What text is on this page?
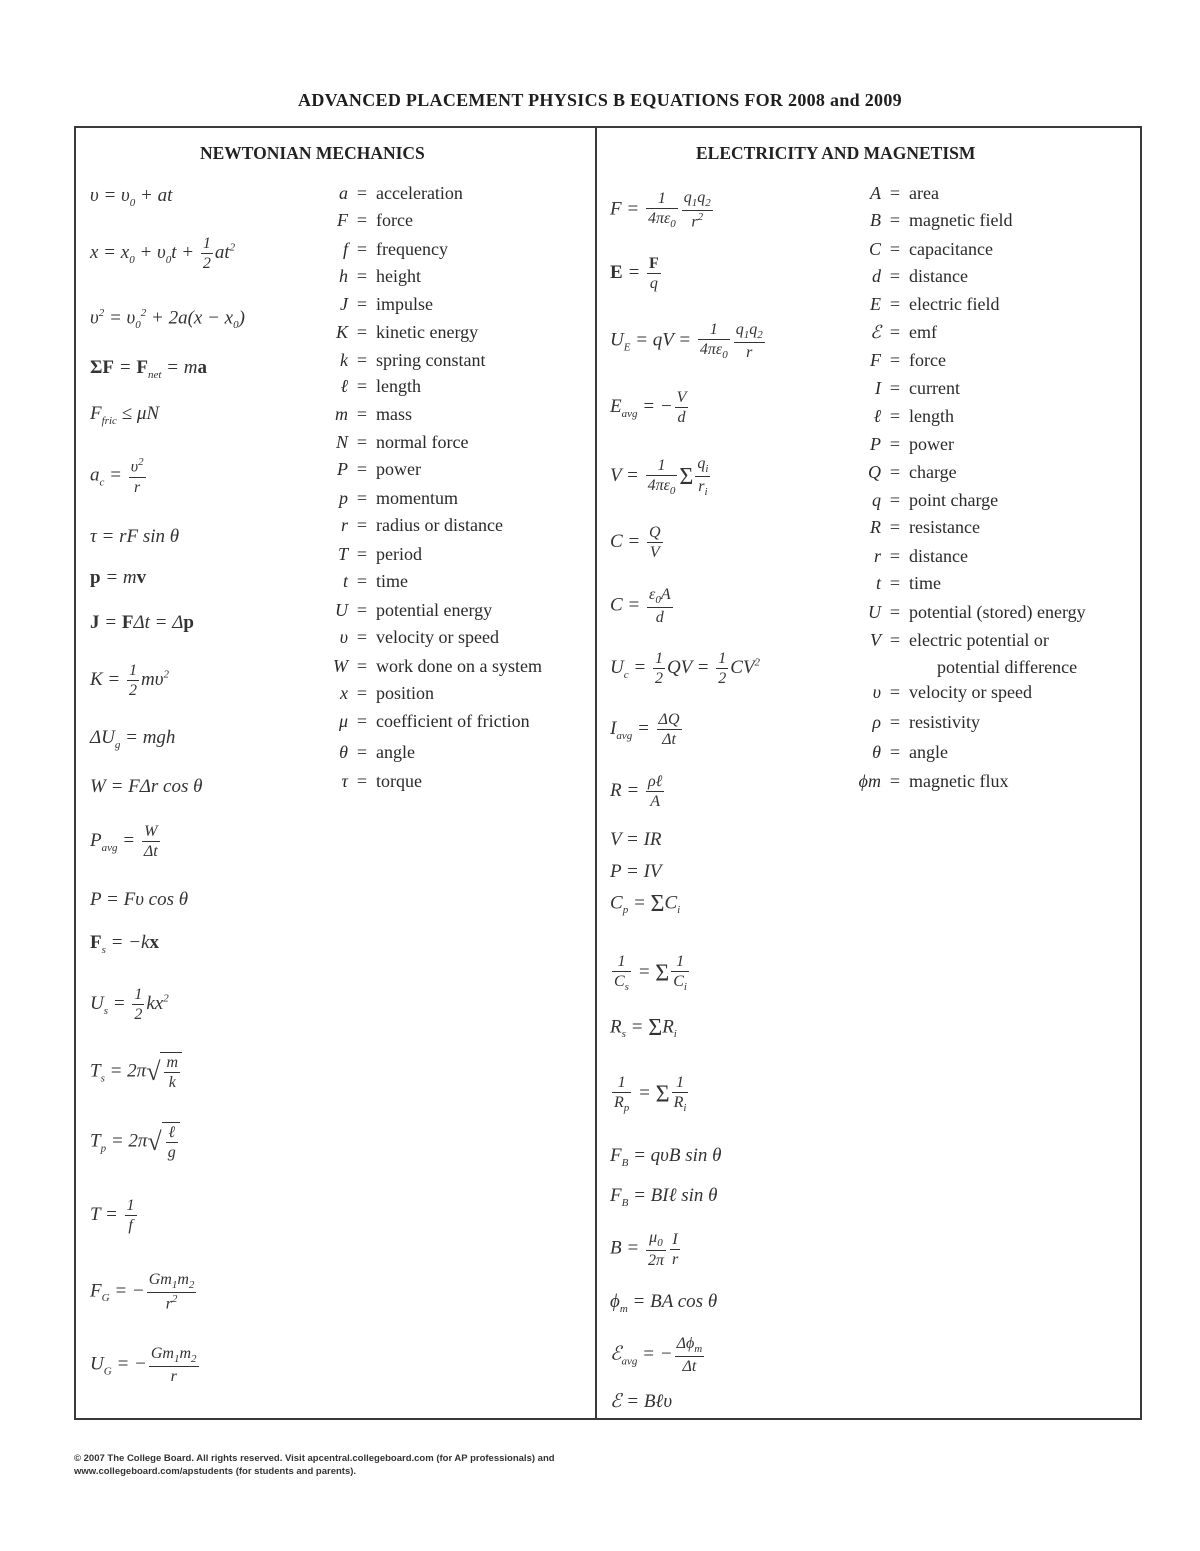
ADVANCED PLACEMENT PHYSICS B EQUATIONS FOR 2008 and 2009
NEWTONIAN MECHANICS	ELECTRICITY AND MAGNETISM
$\upsilon = \upsilon_0$ + at
$x = x_0 + \upsilon_0t + \frac{1}{2} at^2$
$\upsilon^2 = \upsilon_0^2 + 2a(x - x_0)$
$\Sigma F = F_{net}$ = ma
$F_{fric} \le \mu N$
$a_c = \frac{\upsilon^2}{r}$
τ = rF sin θ
p = mv
J = FΔt = Δp
$K = \frac{1}{2} m\upsilon^2$
$\Delta U_g$ = mgh
W = FΔr cos θ
$P_{avg} = \frac{W}{\Delta t}$
P = Fυ cos θ
$F_s = -kx$
$U_s = \frac{1}{2} kx^2$
$T_s = 2\pi√ \frac{m}{k}$
$T_p = 2\pi√ \frac{\text{ℓ}}{g}$
$T = \frac{1}{f}$
$F_G$ = − $\frac{Gm_1m_2}{r^2}$
$U_G$ = − $\frac{Gm_1m_2}{r}$
a = acceleration
F = force
f = frequency
h = height
J = impulse
K = kinetic energy
k = spring constant
ℓ = length
m = mass
N = normal force
P = power
p = momentum
r = radius or distance
T = period
t = time
U = potential energy
υ = velocity or speed
W = work done on a system
x = position
μ = coefficient of friction
θ = angle
τ = torque
$F = \frac{1}{4\pi\varepsilon_0} \frac{q_1q_2}{r^2}$
$E = \frac{F}{q}$
$U_E$ = qV = $\frac{1}{4\pi\varepsilon_0} \frac{q_1q_2}{r}$
$E_{avg}$ = − $\frac{V}{d}$
$V = \frac{1}{4\pi\varepsilon_0}$ Σ $\frac{q_i}{r_i}$
$C = \frac{Q}{V}$
$C = \frac{\varepsilon_0A}{d}$
$U_c = \frac{1}{2}$ QV = $\frac{1}{2} CV^2$
$I_{avg} = \frac{\Delta Q}{\Delta t}$
$R = \frac{\text{ρℓ}}{A}$
V = IR
P = IV
$C_p = \Sigma C_i$
$\frac{1}{C_s} = \Sigma \frac{1}{C_i}$
$R_s = \Sigma R_i$
$\frac{1}{R_p} = \Sigma \frac{1}{R_i}$
$F_B = q\upsilon B$ sin θ
$F_B$ = BIℓ sin θ
$B = \frac{\mu_0}{2\pi} \frac{I}{r}$
$\phi_m$ = BA cos θ
ℰ$_{avg}$ = − $\frac{\Delta\phi_m}{\Delta t}$
ℰ = Bℓυ
A = area
B = magnetic field
C = capacitance
d = distance
E = electric field
ℰ = emf
F = force
I = current
ℓ = length
P = power
Q = charge
q = point charge
R = resistance
r = distance
t = time
U = potential (stored) energy
V = electric potential or
potential difference
υ = velocity or speed
ρ = resistivity
θ = angle
ϕm = magnetic flux
© 2007 The College Board. All rights reserved. Visit apcentral.collegeboard.com (for AP professionals) and
www.collegeboard.com/apstudents (for students and parents).
